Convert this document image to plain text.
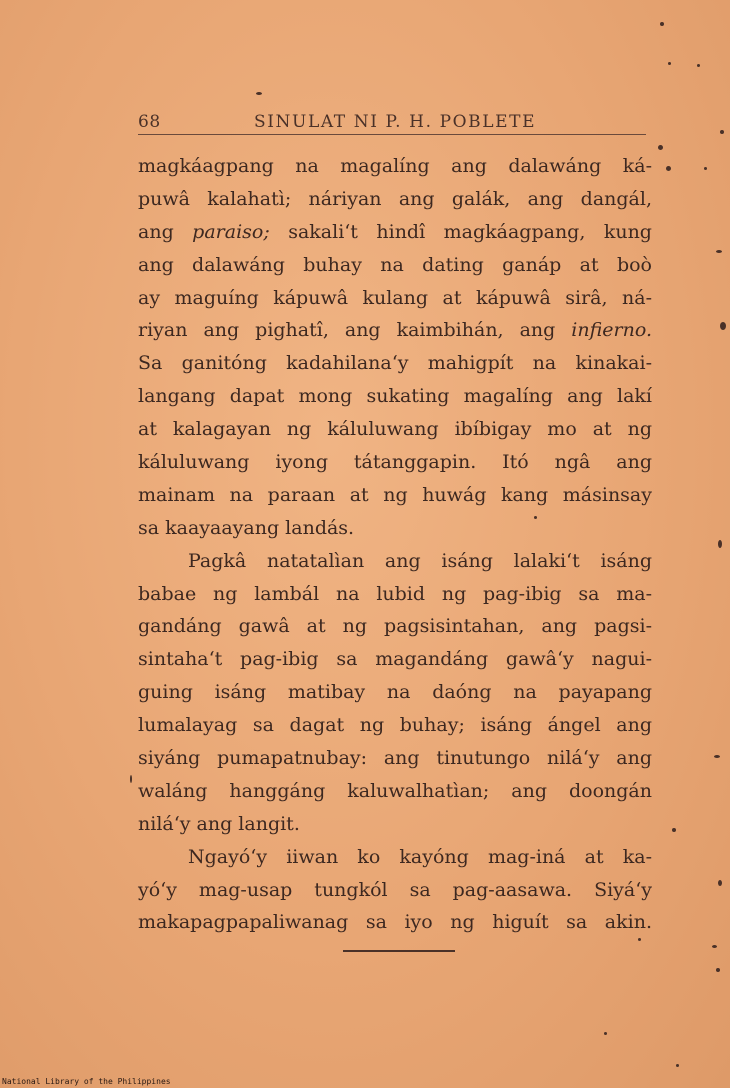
68	SINULAT NI P. H. POBLETE
magkáagpang na magalíng ang dalawáng ká-
puwâ kalahatì; náriyan ang galák, ang dangál,
ang paraiso; sakali‘t hindî magkáagpang, kung
ang dalawáng buhay na dating ganáp at boò
ay maguíng kápuwâ kulang at kápuwâ sirâ, ná-
riyan ang pighatî, ang kaimbihán, ang infierno.
Sa ganitóng kadahilana‘y mahigpít na kinakai-
langang dapat mong sukating magalíng ang lakí
at kalagayan ng káluluwang ibíbigay mo at ng
káluluwang iyong tátanggapin. Itó ngâ ang
mainam na paraan at ng huwág kang másinsay
sa kaayaayang landás.
Pagkâ natatalìan ang isáng lalaki‘t isáng
babae ng lambál na lubid ng pag-ibig sa ma-
gandáng gawâ at ng pagsisintahan, ang pagsi-
sintaha‘t pag-ibig sa magandáng gawâ‘y nagui-
guing isáng matibay na daóng na payapang
lumalayag sa dagat ng buhay; isáng ángel ang
siyáng pumapatnubay: ang tinutungo nilá‘y ang
waláng hanggáng kaluwalhatìan; ang doongán
nilá‘y ang langit.
Ngayó‘y iiwan ko kayóng mag-iná at ka-
yó‘y mag-usap tungkól sa pag-aasawa. Siyá‘y
makapagpapaliwanag sa iyo ng higuít sa akin.
National Library of the Philippines
